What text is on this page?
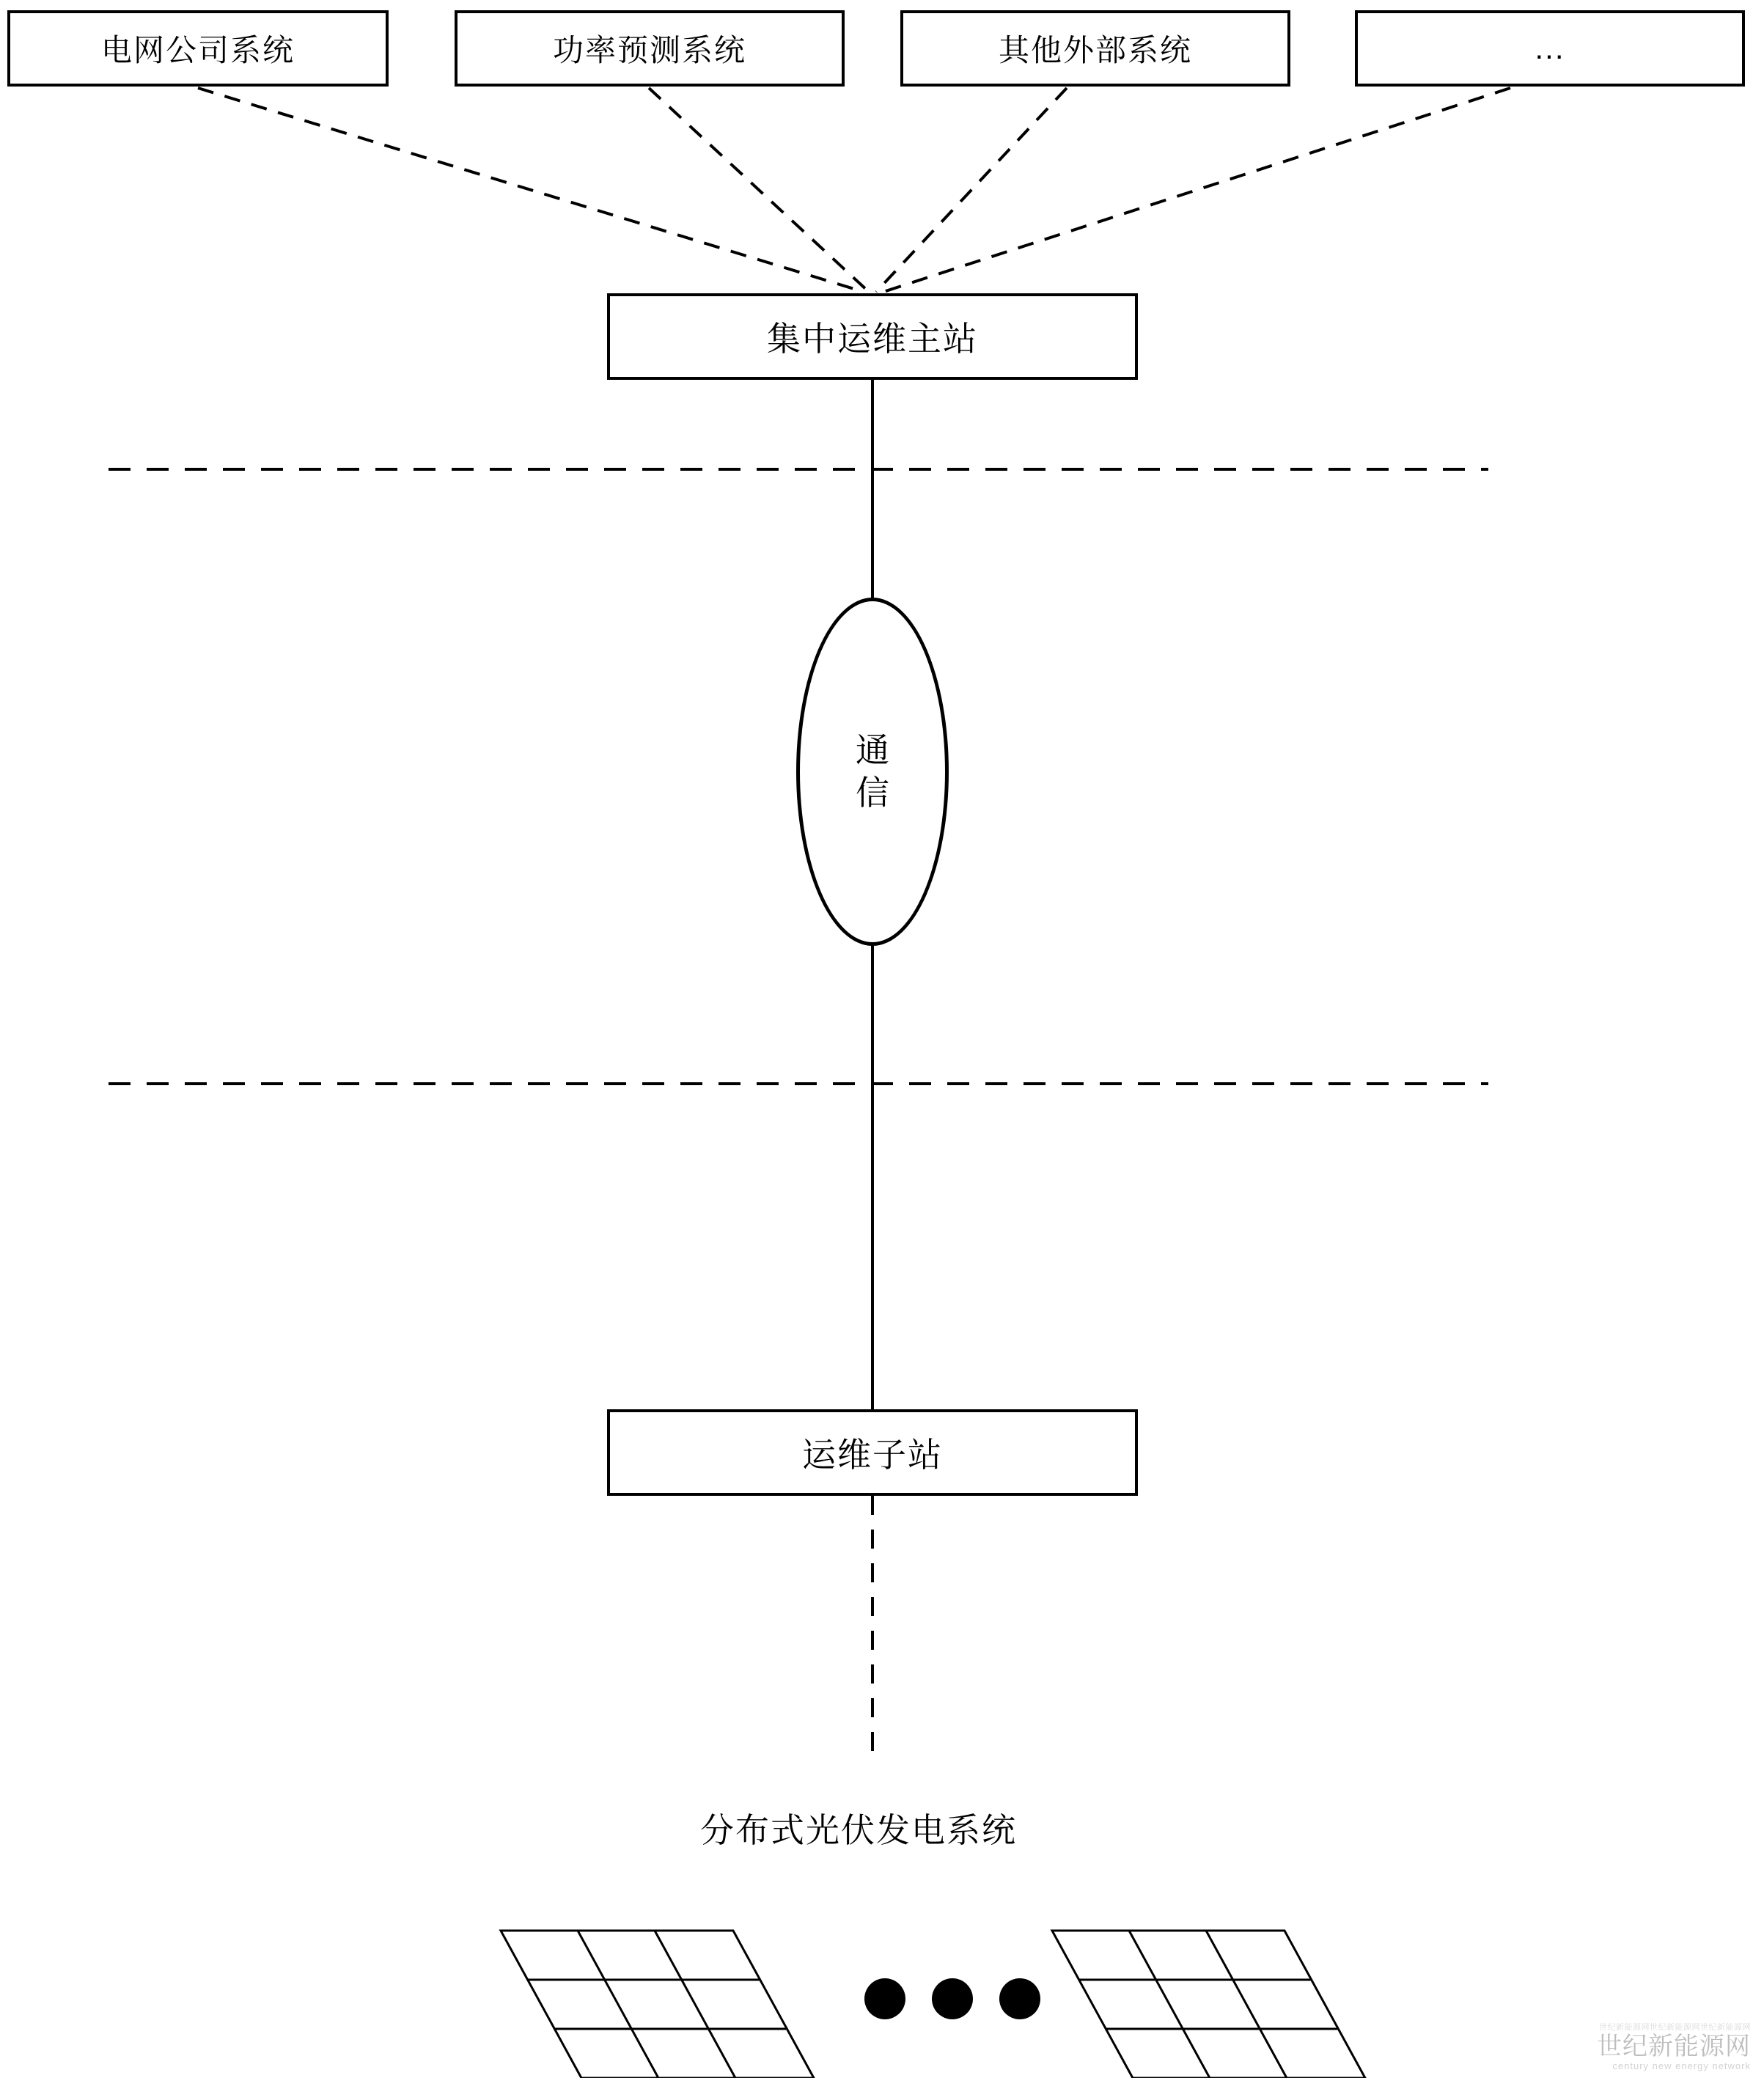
电网公司系统	功率预测系统	其他外部系统	...
集中运维主站
通
信
运维子站
分布式光伏发电系统
世纪新能源网世纪新能源网世纪新能源网
世纪新能源网
century new energy network
